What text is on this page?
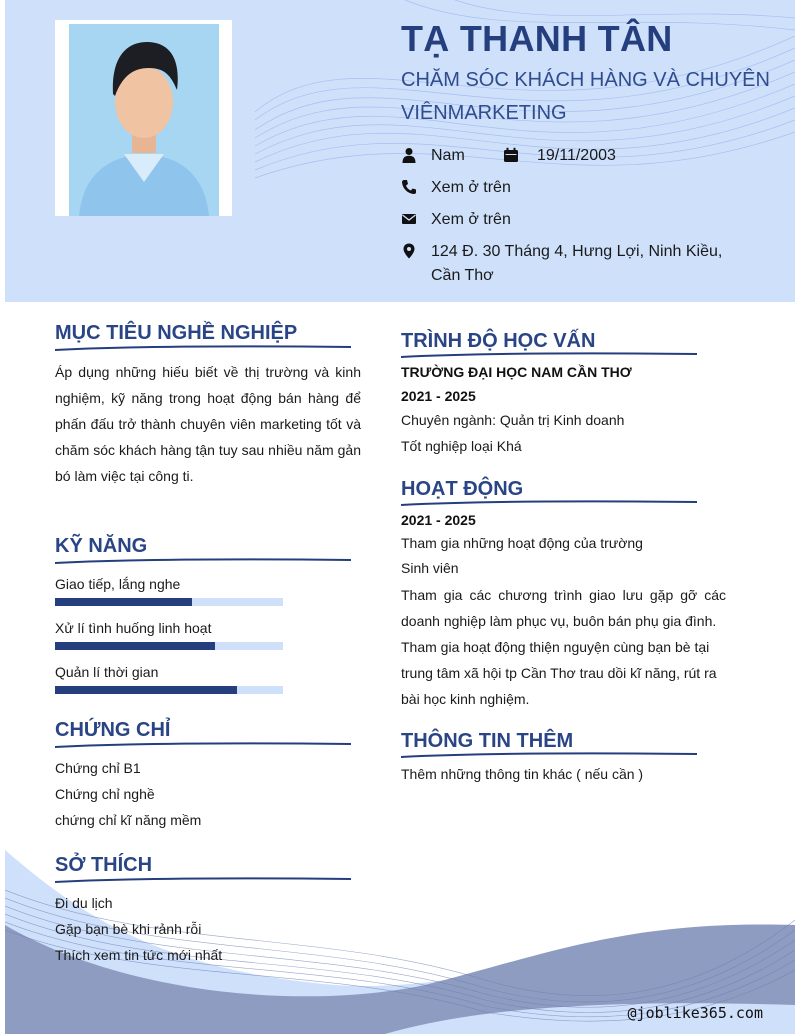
TẠ THANH TÂN
CHĂM SÓC KHÁCH HÀNG VÀ CHUYÊN VIÊNMARKETING
Nam	19/11/2003
Xem ở trên
Xem ở trên
124 Đ. 30 Tháng 4, Hưng Lợi, Ninh Kiều, Cần Thơ
MỤC TIÊU NGHỀ NGHIỆP
Áp dụng những hiếu biết về thị trường và kinh nghiệm, kỹ năng trong hoạt động bán hàng để phấn đấu trở thành chuyên viên marketing tốt và chăm sóc khách hàng tận tuy sau nhiều năm gản bó làm việc tại công ti.
KỸ NĂNG
Giao tiếp, lắng nghe
Xử lí tình huống linh hoạt
Quản lí thời gian
CHỨNG CHỈ
Chứng chỉ B1
Chứng chỉ nghề
chứng chỉ kĩ năng mềm
SỞ THÍCH
Đi du lịch
Gặp bạn bè khi rảnh rỗi
Thích xem tin tức mới nhất
TRÌNH ĐỘ HỌC VẤN
TRƯỜNG ĐẠI HỌC NAM CẦN THƠ
2021 - 2025
Chuyên ngành: Quản trị Kinh doanh
Tốt nghiệp loại Khá
HOẠT ĐỘNG
2021 - 2025
Tham gia những hoạt động của trường
Sinh viên
Tham gia các chương trình giao lưu gặp gỡ các doanh nghiệp làm phục vụ, buôn bán phụ gia đình.
Tham gia hoạt động thiện nguyện cùng bạn bè tại trung tâm xã hội tp Cần Thơ trau dồi kĩ năng, rút ra bài học kinh nghiệm.
THÔNG TIN THÊM
Thêm những thông tin khác ( nếu cần )
@joblike365.com
